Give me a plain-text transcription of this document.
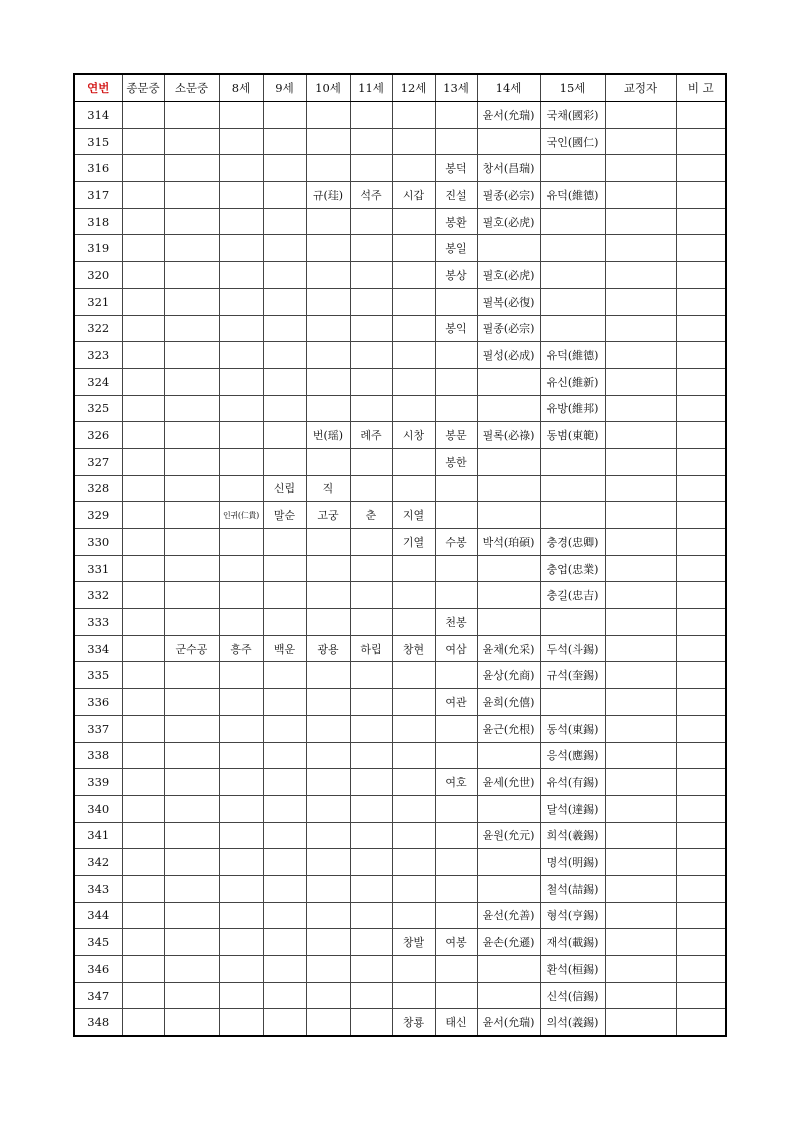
연번	종문중	소문중	8세	9세	10세	11세	12세	13세	14세	15세	교정자	비 고
314									윤서(允瑞)	국채(國彩)		
315										국인(國仁)		
316								봉덕	창서(昌瑞)			
317					규(珪)	석주	시갑	진설	필종(必宗)	유덕(維德)		
318								봉환	필호(必虎)			
319								봉일				
320								봉상	필호(必虎)			
321									필복(必復)			
322								봉익	필종(必宗)			
323									필성(必成)	유덕(維德)		
324										유신(維新)		
325										유방(維邦)		
326					번(瑶)	례주	시창	봉문	필록(必祿)	동범(東範)		
327								봉한				
328				신립	직							
329			인귀(仁貴)	말순	고궁	춘	지열					
330							기열	수봉	박석(珀碩)	충경(忠卿)		
331										충업(忠業)		
332										충길(忠吉)		
333								천봉				
334		군수공	흥주	백운	광용	하립	창현	여삼	윤채(允采)	두석(斗錫)		
335									윤상(允商)	규석(奎錫)		
336								여관	윤희(允僖)			
337									윤근(允根)	동석(東錫)		
338										응석(應錫)		
339								여호	윤세(允世)	유석(有錫)		
340										달석(達錫)		
341									윤원(允元)	희석(羲錫)		
342										명석(明錫)		
343										철석(喆錫)		
344									윤선(允善)	형석(亨錫)		
345							창발	여봉	윤손(允遜)	재석(載錫)		
346										환석(桓錫)		
347										신석(信錫)		
348							창룡	태신	윤서(允瑞)	의석(義錫)		
